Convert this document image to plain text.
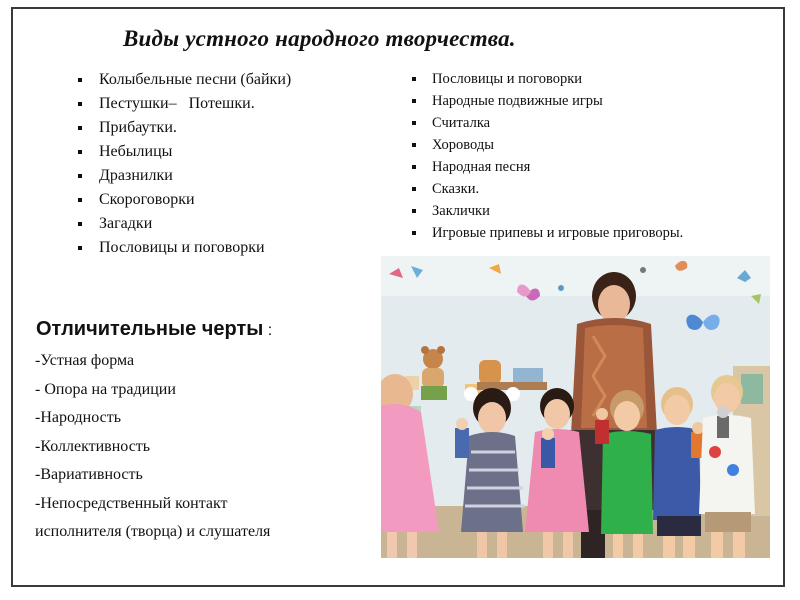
Виды устного народного творчества.
Колыбельные песни (байки)
Пестушки–   Потешки.
Прибаутки.
Небылицы
Дразнилки
Скороговорки
Загадки
Пословицы и поговорки
Пословицы и поговорки
Народные подвижные игры
Считалка
Хороводы
Народная песня
Сказки.
Заклички
Игровые припевы и игровые приговоры.
Отличительные черты :
-Устная форма
- Опора на традиции
-Народность
-Коллективность
-Вариативность
-Непосредственный контакт
исполнителя (творца) и слушателя
